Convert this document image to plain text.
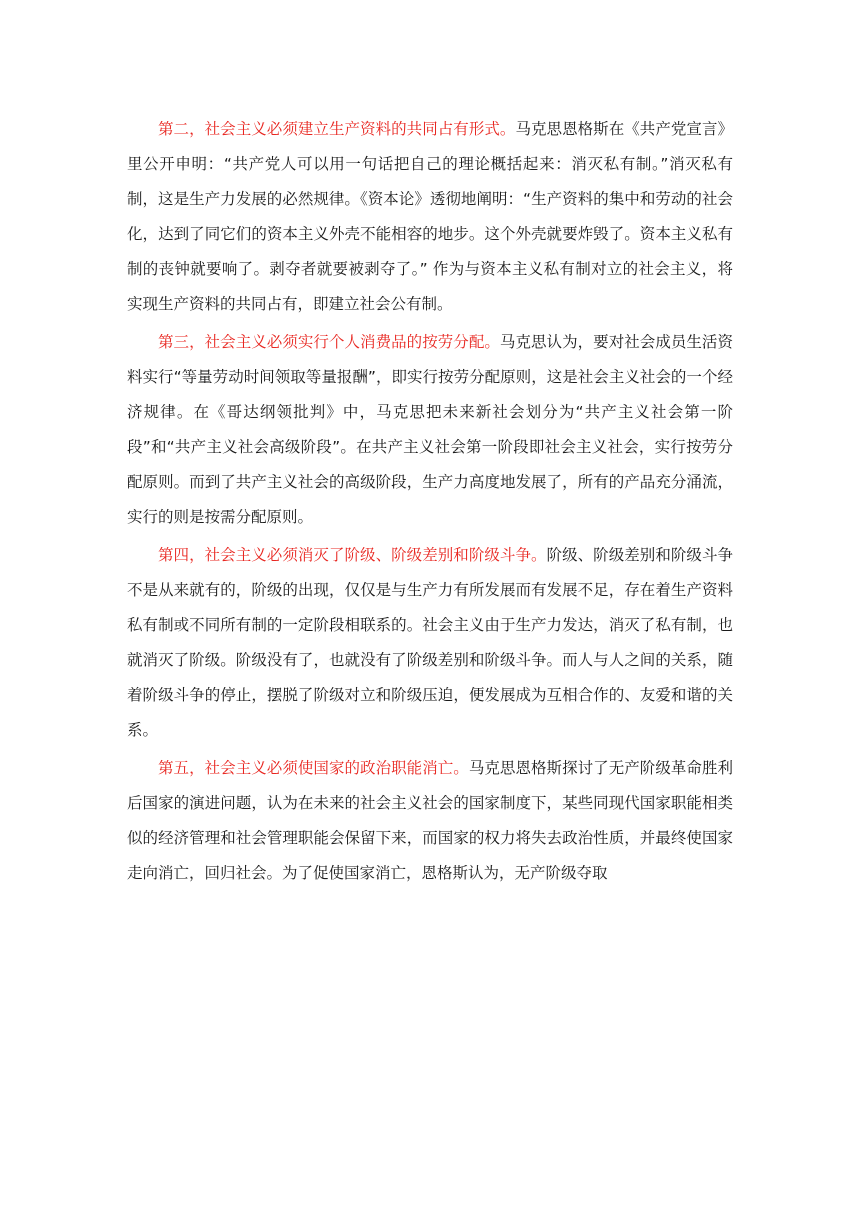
第二，社会主义必须建立生产资料的共同占有形式。马克思恩格斯在《共产党宣言》里公开申明：“共产党人可以用一句话把自己的理论概括起来：消灭私有制。”消灭私有制，这是生产力发展的必然规律。《资本论》透彻地阐明：“生产资料的集中和劳动的社会化，达到了同它们的资本主义外壳不能相容的地步。这个外壳就要炸毁了。资本主义私有制的丧钟就要响了。剥夺者就要被剥夺了。” 作为与资本主义私有制对立的社会主义，将实现生产资料的共同占有，即建立社会公有制。

第三，社会主义必须实行个人消费品的按劳分配。马克思认为，要对社会成员生活资料实行“等量劳动时间领取等量报酬”，即实行按劳分配原则，这是社会主义社会的一个经济规律。在《哥达纲领批判》中，马克思把未来新社会划分为“共产主义社会第一阶段”和“共产主义社会高级阶段”。在共产主义社会第一阶段即社会主义社会，实行按劳分配原则。而到了共产主义社会的高级阶段，生产力高度地发展了，所有的产品充分涌流，实行的则是按需分配原则。

第四，社会主义必须消灭了阶级、阶级差别和阶级斗争。阶级、阶级差别和阶级斗争不是从来就有的，阶级的出现，仅仅是与生产力有所发展而有发展不足，存在着生产资料私有制或不同所有制的一定阶段相联系的。社会主义由于生产力发达，消灭了私有制，也就消灭了阶级。阶级没有了，也就没有了阶级差别和阶级斗争。而人与人之间的关系，随着阶级斗争的停止，摆脱了阶级对立和阶级压迫，便发展成为互相合作的、友爱和谐的关系。

第五，社会主义必须使国家的政治职能消亡。马克思恩格斯探讨了无产阶级革命胜利后国家的演进问题，认为在未来的社会主义社会的国家制度下，某些同现代国家职能相类似的经济管理和社会管理职能会保留下来，而国家的权力将失去政治性质，并最终使国家走向消亡，回归社会。为了促使国家消亡，恩格斯认为，无产阶级夺取
